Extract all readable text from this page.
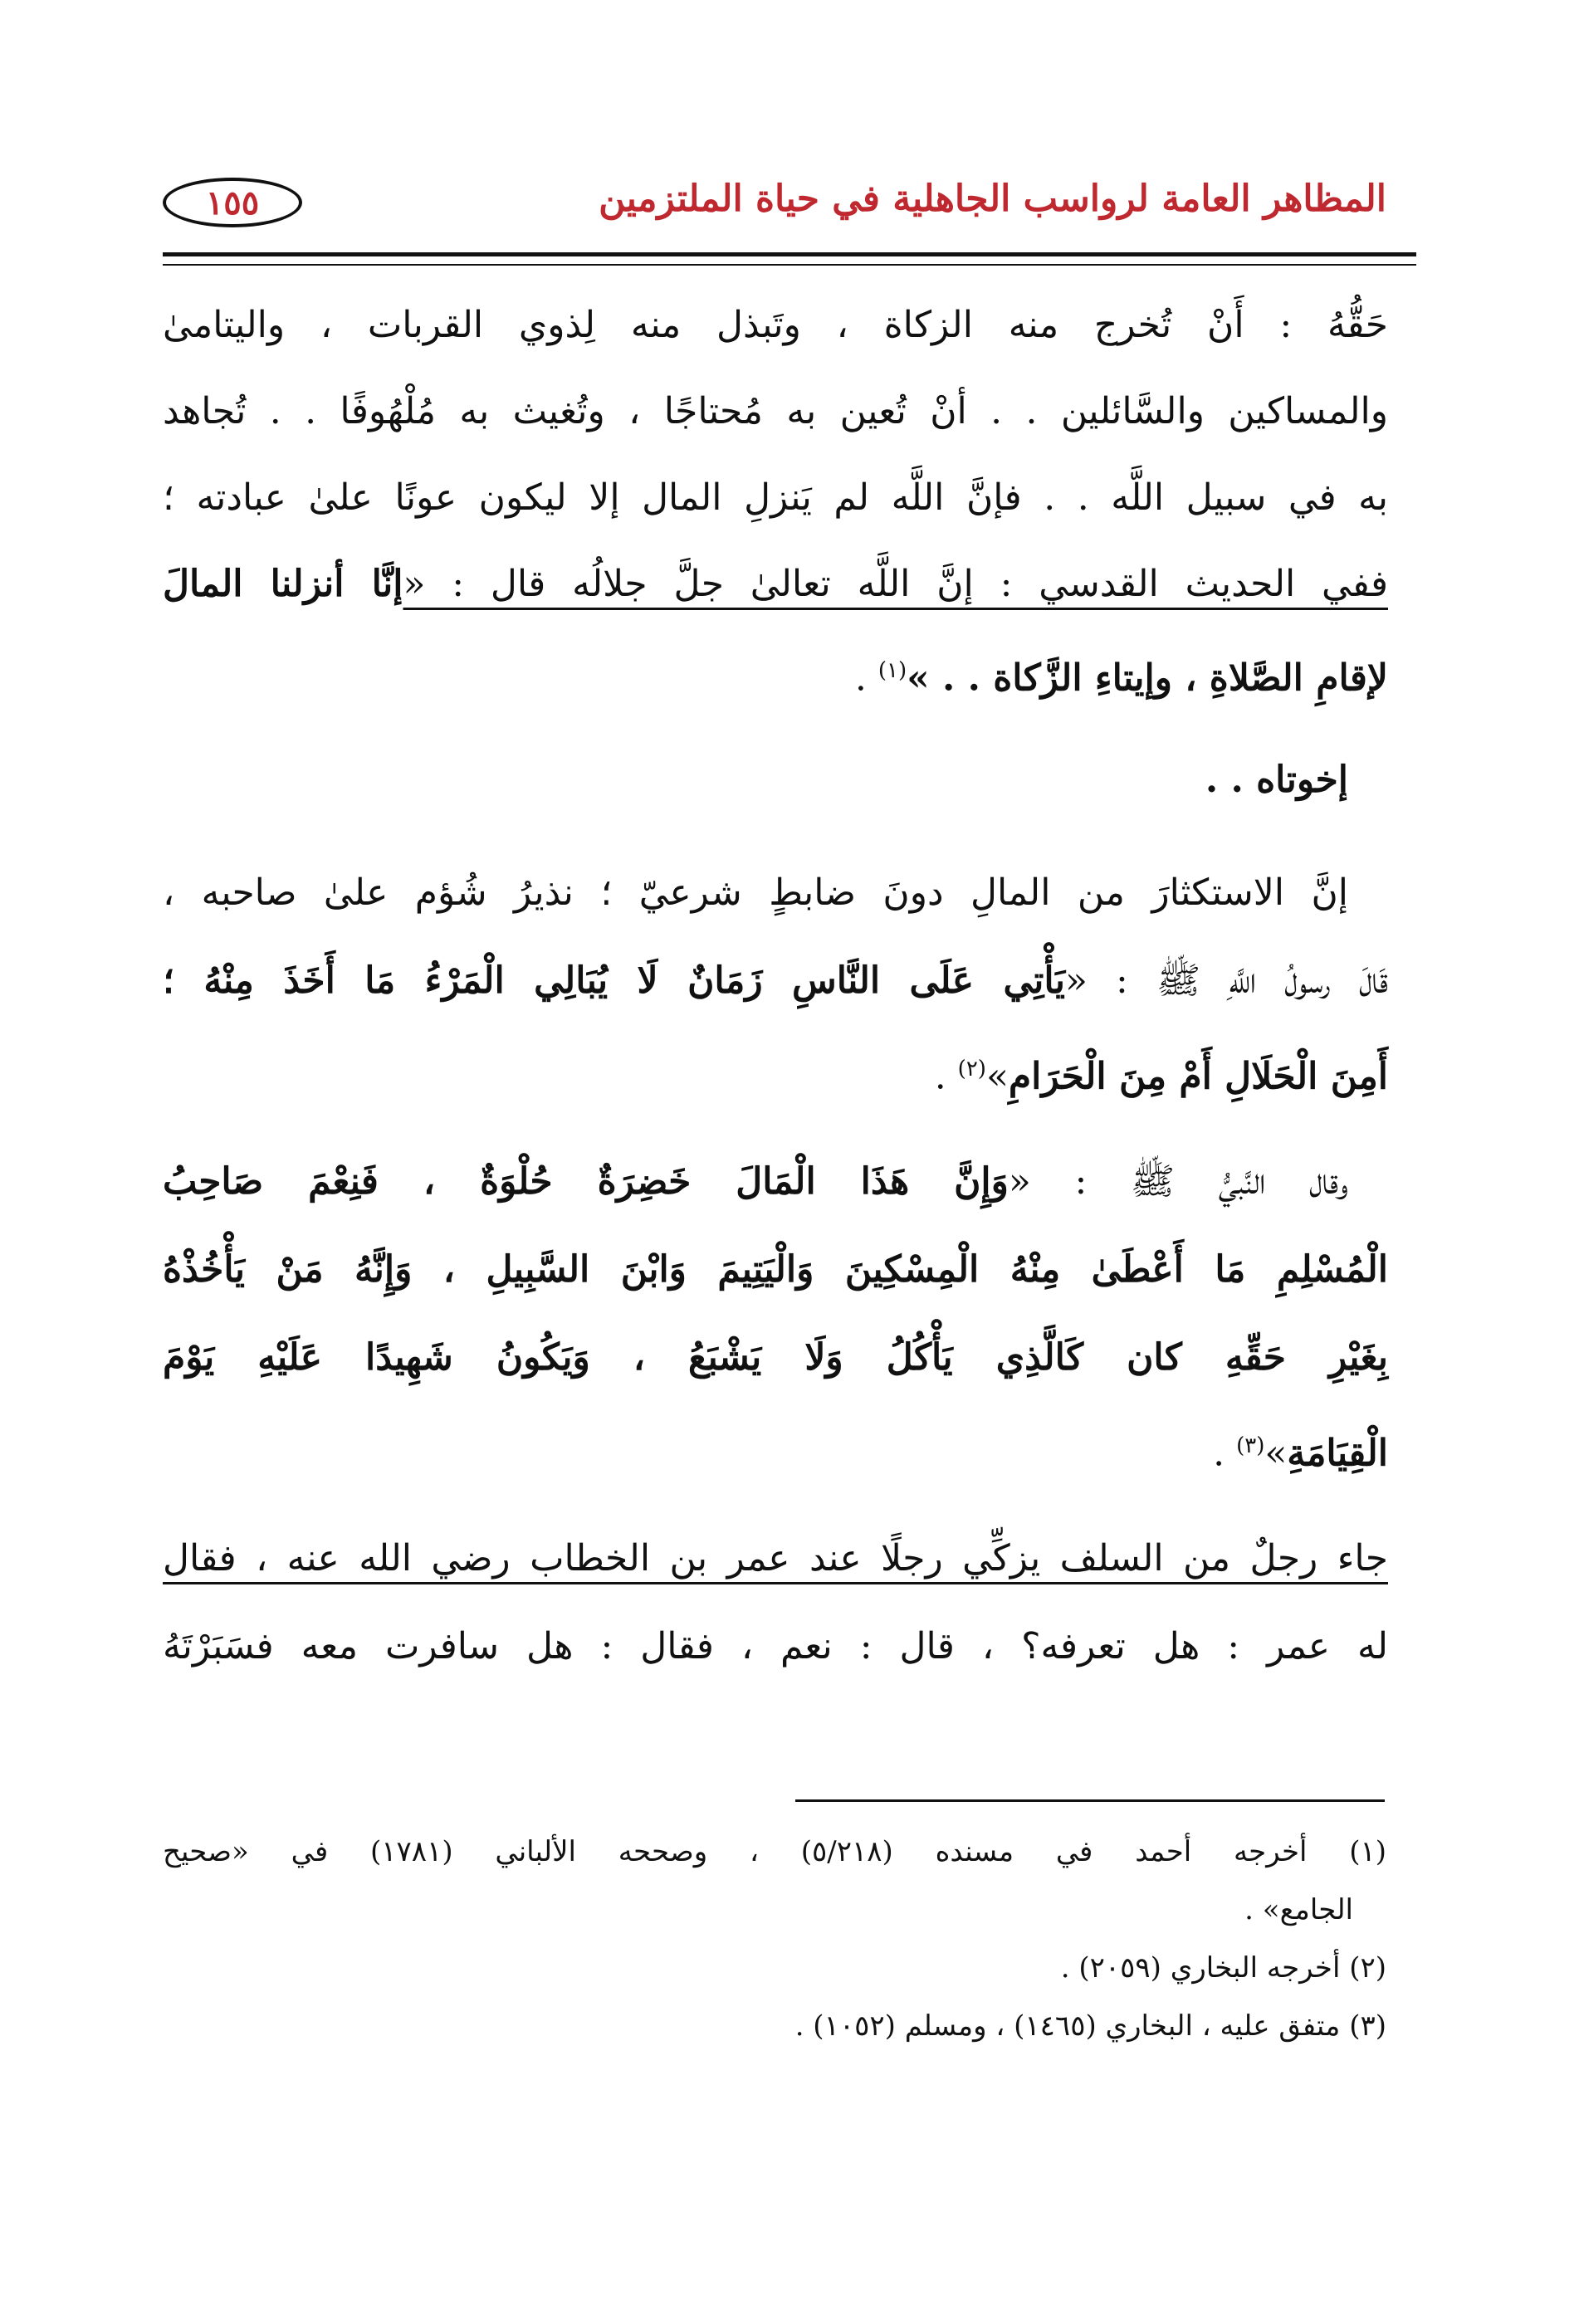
المظاهر العامة لرواسب الجاهلية في حياة الملتزمين
١٥٥
حَقُّهُ : أَنْ تُخرج منه الزكاة ، وتَبذل منه لِذوي القربات ، واليتامىٰ
والمساكين والسَّائلين . . أنْ تُعين به مُحتاجًا ، وتُغيث به مُلْهُوفًا . . تُجاهد
به في سبيل اللَّه . . فإنَّ اللَّه لم يَنزلِ المال إلا ليكون عونًا علىٰ عبادته ؛
ففي الحديث القدسي : إنَّ اللَّه تعالىٰ جلَّ جلالُه قال : «إنَّا أنزلنا المالَ
لإقامِ الصَّلاةِ ، وإيتاءِ الزَّكاة . . »$^{(١)}$ .
إخوتاه . .
إنَّ الاستكثارَ من المالِ دونَ ضابطٍ شرعيّ ؛ نذيرُ شُؤم علىٰ صاحبه ،
قَالَ رسولُ اللَّهِ ﷺ : «يَأْتِي عَلَى النَّاسِ زَمَانٌ لَا يُبَالِي الْمَرْءُ مَا أَخَذَ مِنْهُ ؛
أَمِنَ الْحَلَالِ أَمْ مِنَ الْحَرَامِ»$^{(٢)}$ .
وقال النَّبيُّ ﷺ : «وَإِنَّ هَذَا الْمَالَ خَضِرَةٌ حُلْوَةٌ ، فَنِعْمَ صَاحِبُ
الْمُسْلِمِ مَا أَعْطَىٰ مِنْهُ الْمِسْكِينَ وَالْيَتِيمَ وَابْنَ السَّبِيلِ ، وَإِنَّهُ مَنْ يَأْخُذْهُ
بِغَيْرِ حَقِّهِ كان كَالَّذِي يَأْكُلُ وَلَا يَشْبَعُ ، وَيَكُونُ شَهِيدًا عَلَيْهِ يَوْمَ
الْقِيَامَةِ»$^{(٣)}$ .
جاء رجلٌ من السلف يزكِّي رجلًا عند عمر بن الخطاب رضي الله عنه ، فقال
له عمر : هل تعرفه؟ ، قال : نعم ، فقال : هل سافرت معه فسَبَرْتَهُ
(١) أخرجه أحمد في مسنده (٥/٢١٨) ، وصححه الألباني (١٧٨١) في «صحيح
الجامع» .
(٢) أخرجه البخاري (٢٠٥٩) .
(٣) متفق عليه ، البخاري (١٤٦٥) ، ومسلم (١٠٥٢) .
